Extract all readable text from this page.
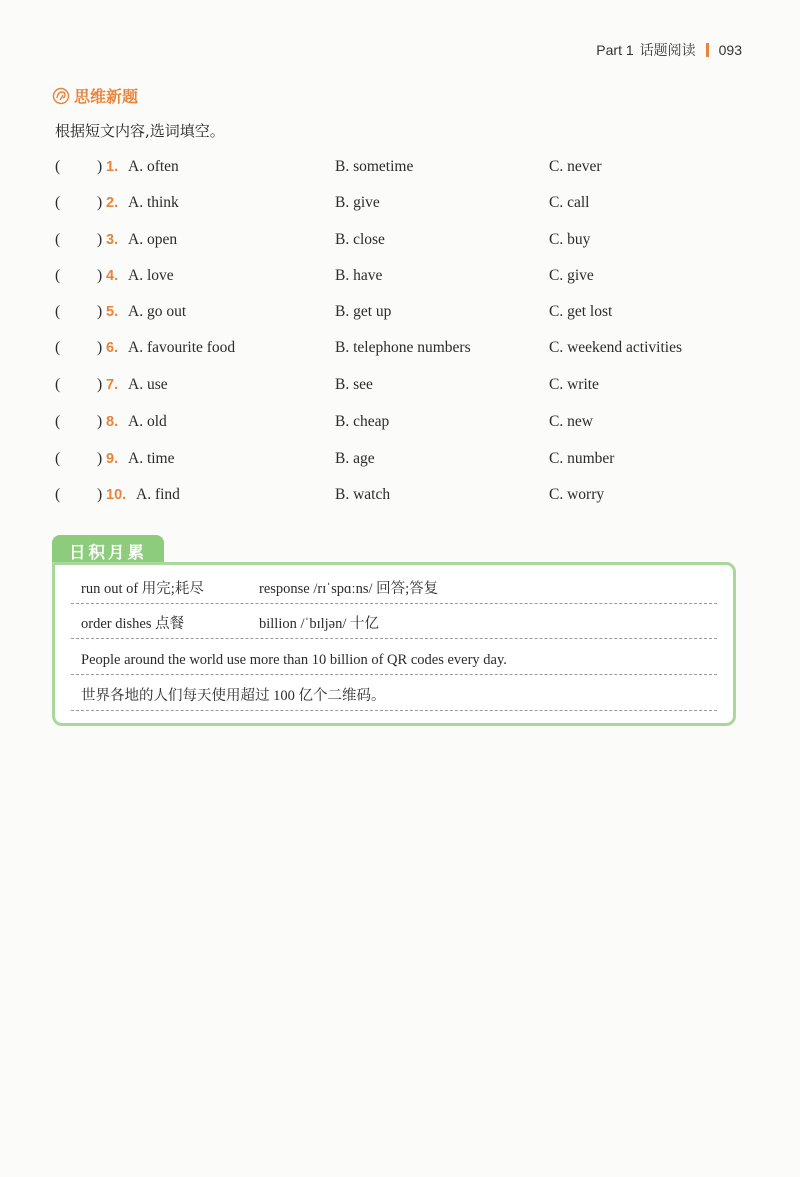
Part 1 话题阅读 093
思维新题
根据短文内容,选词填空。
( ) 1. A. often	B. sometime	C. never
( ) 2. A. think	B. give	C. call
( ) 3. A. open	B. close	C. buy
( ) 4. A. love	B. have	C. give
( ) 5. A. go out	B. get up	C. get lost
( ) 6. A. favourite food	B. telephone numbers	C. weekend activities
( ) 7. A. use	B. see	C. write
( ) 8. A. old	B. cheap	C. new
( ) 9. A. time	B. age	C. number
( ) 10. A. find	B. watch	C. worry
日积月累
run out of 用完;耗尽	response /rɪˈspɑːns/ 回答;答复
order dishes 点餐	billion /ˈbɪljən/ 十亿
People around the world use more than 10 billion of QR codes every day.
世界各地的人们每天使用超过 100 亿个二维码。
